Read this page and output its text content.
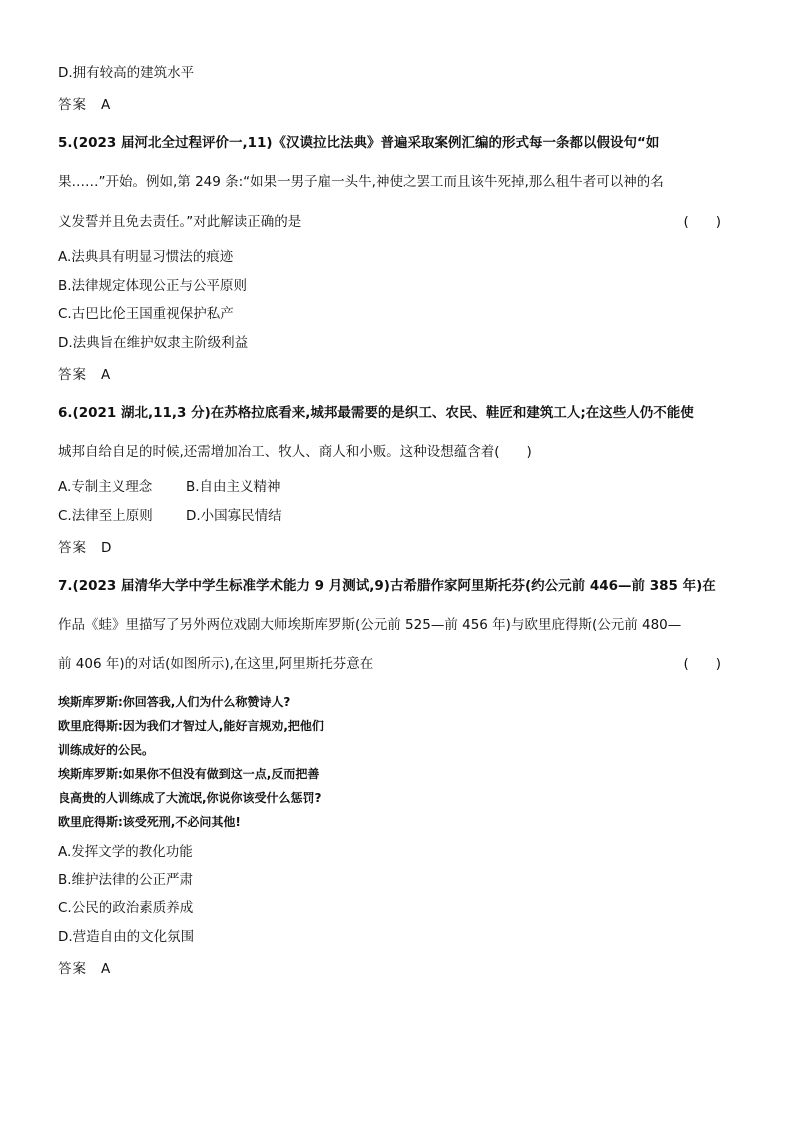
D.拥有较高的建筑水平
答案 A
5.(2023 届河北全过程评价一,11)《汉谟拉比法典》普遍采取案例汇编的形式每一条都以假设句“如
果……”开始。例如,第 249 条:“如果一男子雇一头牛,神使之罢工而且该牛死掉,那么租牛者可以神的名
义发誓并且免去责任。”对此解读正确的是	(　　)
A.法典具有明显习惯法的痕迹
B.法律规定体现公正与公平原则
C.古巴比伦王国重视保护私产
D.法典旨在维护奴隶主阶级利益
答案 A
6.(2021 湖北,11,3 分)在苏格拉底看来,城邦最需要的是织工、农民、鞋匠和建筑工人;在这些人仍不能使
城邦自给自足的时候,还需增加冶工、牧人、商人和小贩。这种设想蕴含着(　　)
A.专制主义理念 B.自由主义精神
C.法律至上原则 D.小国寡民情结
答案 D
7.(2023 届清华大学中学生标准学术能力 9 月测试,9)古希腊作家阿里斯托芬(约公元前 446—前 385 年)在
作品《蛙》里描写了另外两位戏剧大师埃斯库罗斯(公元前 525—前 456 年)与欧里庇得斯(公元前 480—
前 406 年)的对话(如图所示),在这里,阿里斯托芬意在	(　　)
埃斯库罗斯:你回答我,人们为什么称赞诗人?
欧里庇得斯:因为我们才智过人,能好言规劝,把他们
训练成好的公民。
埃斯库罗斯:如果你不但没有做到这一点,反而把善
良高贵的人训练成了大流氓,你说你该受什么惩罚?
欧里庇得斯:该受死刑,不必问其他!
A.发挥文学的教化功能
B.维护法律的公正严肃
C.公民的政治素质养成
D.营造自由的文化氛围
答案 A
